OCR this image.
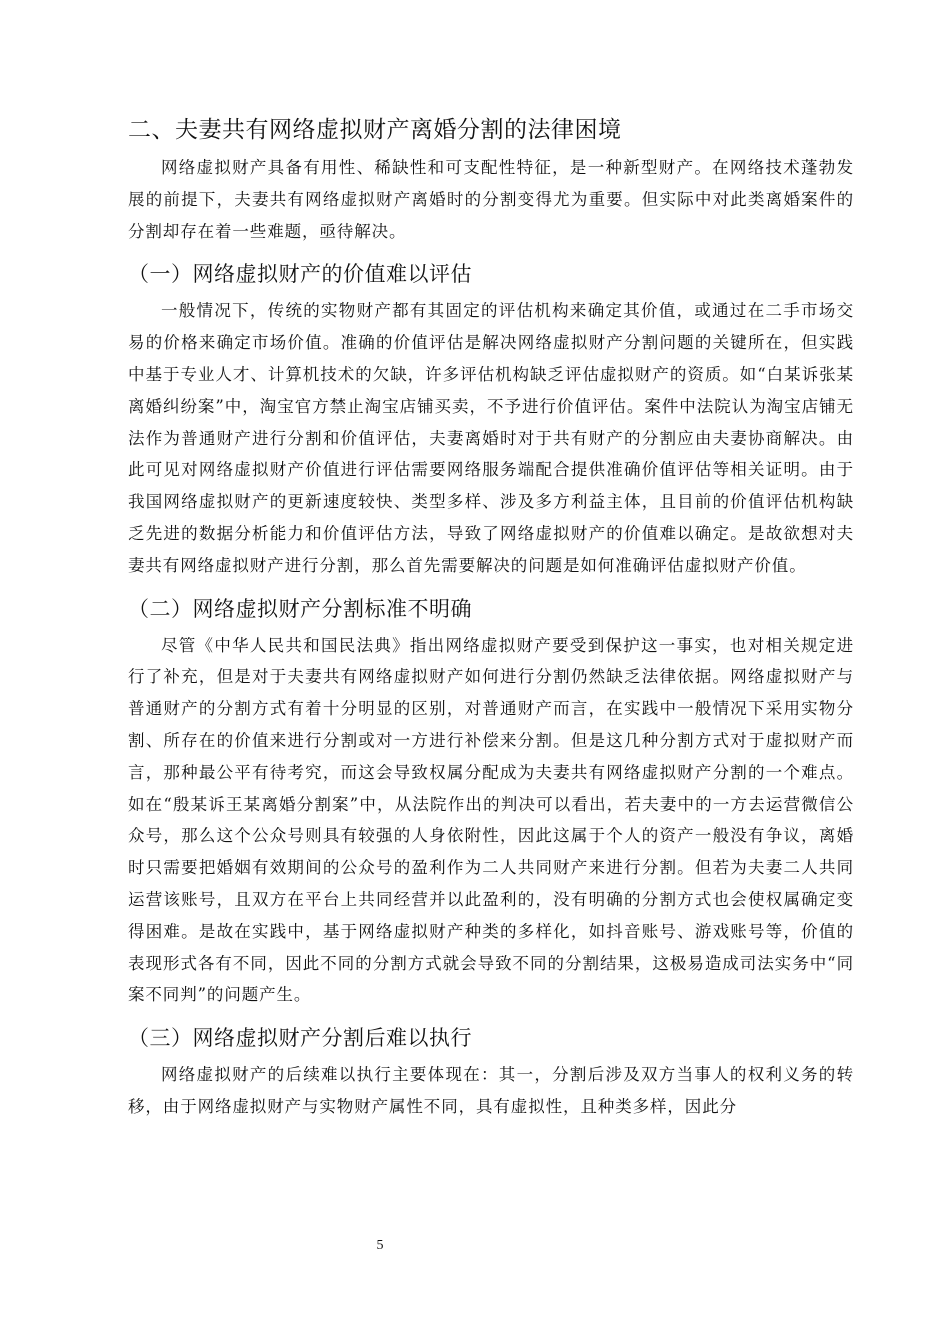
二、夫妻共有网络虚拟财产离婚分割的法律困境

网络虚拟财产具备有用性、稀缺性和可支配性特征，是一种新型财产。在网络技术蓬勃发展的前提下，夫妻共有网络虚拟财产离婚时的分割变得尤为重要。但实际中对此类离婚案件的分割却存在着一些难题，亟待解决。

（一）网络虚拟财产的价值难以评估

一般情况下，传统的实物财产都有其固定的评估机构来确定其价值，或通过在二手市场交易的价格来确定市场价值。准确的价值评估是解决网络虚拟财产分割问题的关键所在，但实践中基于专业人才、计算机技术的欠缺，许多评估机构缺乏评估虚拟财产的资质。如“白某诉张某离婚纠纷案”中，淘宝官方禁止淘宝店铺买卖，不予进行价值评估。案件中法院认为淘宝店铺无法作为普通财产进行分割和价值评估，夫妻离婚时对于共有财产的分割应由夫妻协商解决。由此可见对网络虚拟财产价值进行评估需要网络服务端配合提供准确价值评估等相关证明。由于我国网络虚拟财产的更新速度较快、类型多样、涉及多方利益主体，且目前的价值评估机构缺乏先进的数据分析能力和价值评估方法，导致了网络虚拟财产的价值难以确定。是故欲想对夫妻共有网络虚拟财产进行分割，那么首先需要解决的问题是如何准确评估虚拟财产价值。

（二）网络虚拟财产分割标准不明确

尽管《中华人民共和国民法典》指出网络虚拟财产要受到保护这一事实，也对相关规定进行了补充，但是对于夫妻共有网络虚拟财产如何进行分割仍然缺乏法律依据。网络虚拟财产与普通财产的分割方式有着十分明显的区别，对普通财产而言，在实践中一般情况下采用实物分割、所存在的价值来进行分割或对一方进行补偿来分割。但是这几种分割方式对于虚拟财产而言，那种最公平有待考究，而这会导致权属分配成为夫妻共有网络虚拟财产分割的一个难点。如在“殷某诉王某离婚分割案”中，从法院作出的判决可以看出，若夫妻中的一方去运营微信公众号，那么这个公众号则具有较强的人身依附性，因此这属于个人的资产一般没有争议，离婚时只需要把婚姻有效期间的公众号的盈利作为二人共同财产来进行分割。但若为夫妻二人共同运营该账号，且双方在平台上共同经营并以此盈利的，没有明确的分割方式也会使权属确定变得困难。是故在实践中，基于网络虚拟财产种类的多样化，如抖音账号、游戏账号等，价值的表现形式各有不同，因此不同的分割方式就会导致不同的分割结果，这极易造成司法实务中“同案不同判”的问题产生。

（三）网络虚拟财产分割后难以执行

网络虚拟财产的后续难以执行主要体现在：其一，分割后涉及双方当事人的权利义务的转移，由于网络虚拟财产与实物财产属性不同，具有虚拟性，且种类多样，因此分

5
